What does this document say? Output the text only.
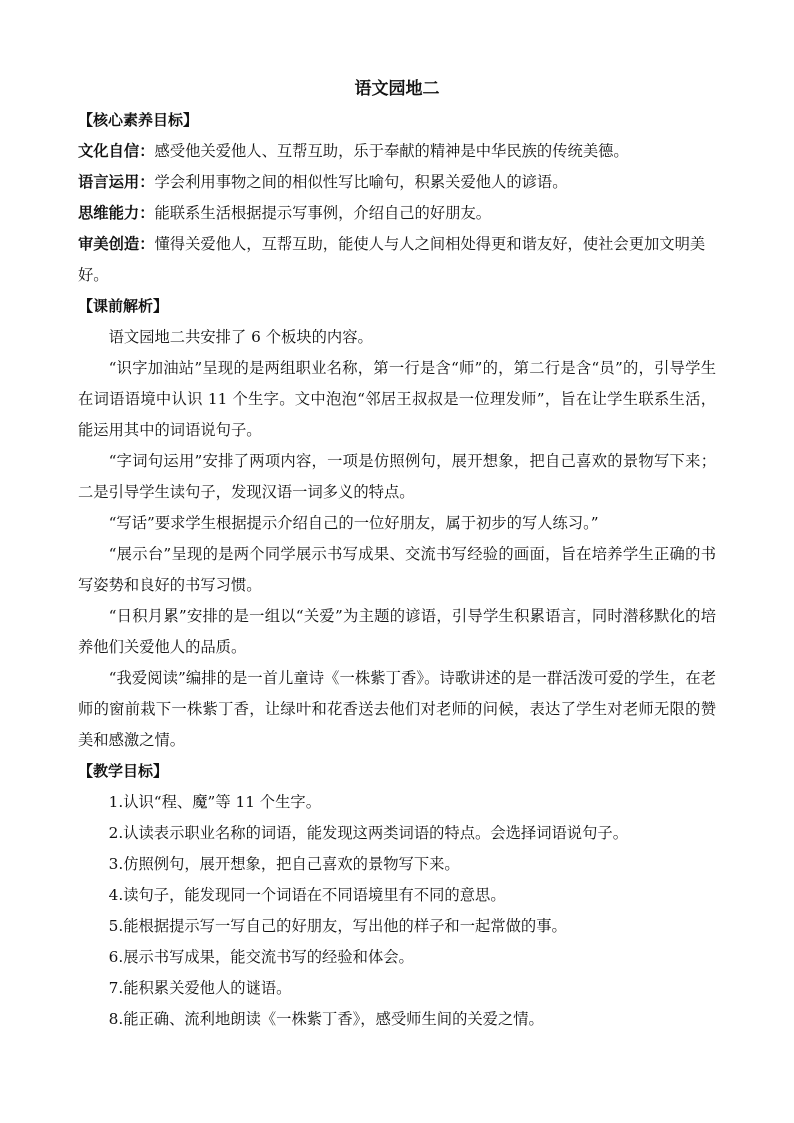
语文园地二

【核心素养目标】

文化自信：感受他关爱他人、互帮互助，乐于奉献的精神是中华民族的传统美德。

语言运用：学会利用事物之间的相似性写比喻句，积累关爱他人的谚语。

思维能力：能联系生活根据提示写事例，介绍自己的好朋友。

审美创造：懂得关爱他人，互帮互助，能使人与人之间相处得更和谐友好，使社会更加文明美好。

【课前解析】

语文园地二共安排了 6 个板块的内容。

“识字加油站”呈现的是两组职业名称，第一行是含“师”的，第二行是含“员”的，引导学生在词语语境中认识 11 个生字。文中泡泡“邻居王叔叔是一位理发师”，旨在让学生联系生活，能运用其中的词语说句子。

“字词句运用”安排了两项内容，一项是仿照例句，展开想象，把自己喜欢的景物写下来；二是引导学生读句子，发现汉语一词多义的特点。

“写话”要求学生根据提示介绍自己的一位好朋友，属于初步的写人练习。”

“展示台”呈现的是两个同学展示书写成果、交流书写经验的画面，旨在培养学生正确的书写姿势和良好的书写习惯。

“日积月累”安排的是一组以“关爱”为主题的谚语，引导学生积累语言，同时潜移默化的培养他们关爱他人的品质。

“我爱阅读”编排的是一首儿童诗《一株紫丁香》。诗歌讲述的是一群活泼可爱的学生，在老师的窗前栽下一株紫丁香，让绿叶和花香送去他们对老师的问候，表达了学生对老师无限的赞美和感激之情。

【教学目标】

1.认识“程、魔”等 11 个生字。

2.认读表示职业名称的词语，能发现这两类词语的特点。会选择词语说句子。

3.仿照例句，展开想象，把自己喜欢的景物写下来。

4.读句子，能发现同一个词语在不同语境里有不同的意思。

5.能根据提示写一写自己的好朋友，写出他的样子和一起常做的事。

6.展示书写成果，能交流书写的经验和体会。

7.能积累关爱他人的谜语。

8.能正确、流利地朗读《一株紫丁香》，感受师生间的关爱之情。
